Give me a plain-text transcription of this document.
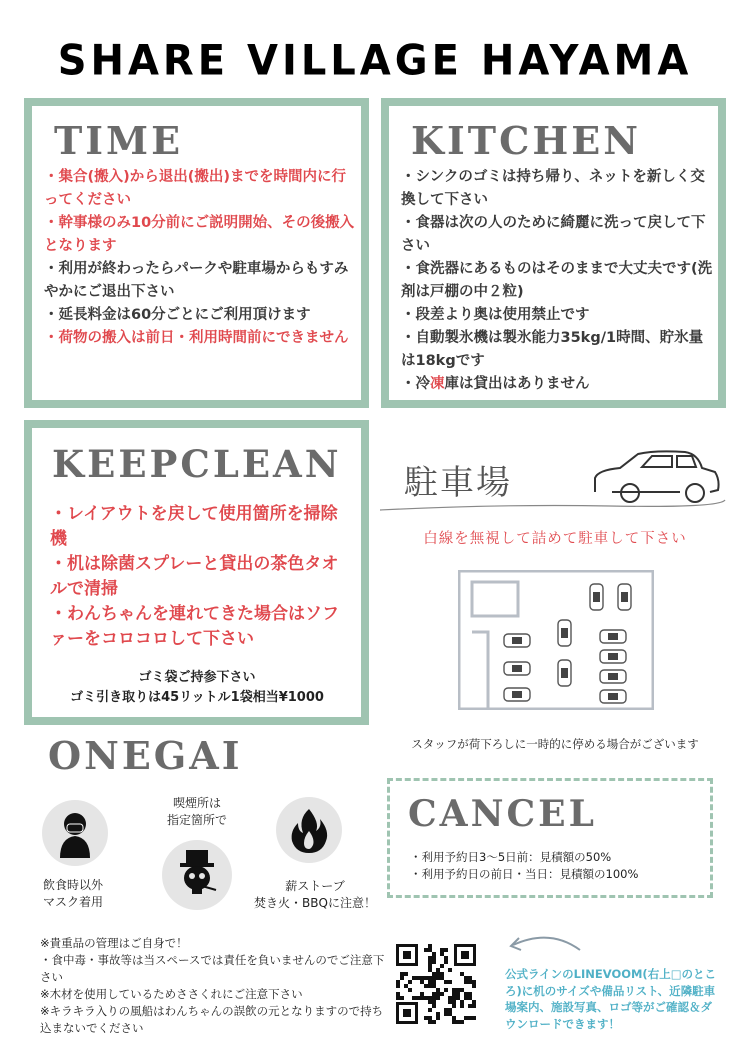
SHARE VILLAGE HAYAMA
TIME
・集合(搬入)から退出(搬出)までを時間内に行ってください
・幹事様のみ10分前にご説明開始、その後搬入となります
・利用が終わったらパークや駐車場からもすみやかにご退出下さい
・延長料金は60分ごとにご利用頂けます
・荷物の搬入は前日・利用時間前にできません
KITCHEN
・シンクのゴミは持ち帰り、ネットを新しく交換して下さい
・食器は次の人のために綺麗に洗って戻して下さい
・食洗器にあるものはそのままで大丈夫です(洗剤は戸棚の中２粒)
・段差より奥は使用禁止です
・自動製氷機は製氷能力35kg/1時間、貯氷量は18kgです
・冷凍庫は貸出はありません
KEEPCLEAN
・レイアウトを戻して使用箇所を掃除機
・机は除菌スプレーと貸出の茶色タオルで清掃
・わんちゃんを連れてきた場合はソファーをコロコロして下さい
ゴミ袋ご持参下さい
ゴミ引き取りは45リットル1袋相当¥1000
駐車場
白線を無視して詰めて駐車して下さい
スタッフが荷下ろしに一時的に停める場合がございます
ONEGAI
飲食時以外
マスク着用
喫煙所は
指定箇所で
薪ストーブ
焚き火・BBQに注意！
CANCEL
・利用予約日3～5日前：見積額の50%
・利用予約日の前日・当日：見積額の100%
※貴重品の管理はご自身で！
・食中毒・事故等は当スペースでは責任を負いませんのでご注意下さい
※木材を使用しているためささくれにご注意下さい
※キラキラ入りの風船はわんちゃんの誤飲の元となりますので持ち込まないでください
公式ラインのLINEVOOM(右上□のところ)に机のサイズや備品リスト、近隣駐車場案内、施設写真、ロゴ等がご確認＆ダウンロードできます！
